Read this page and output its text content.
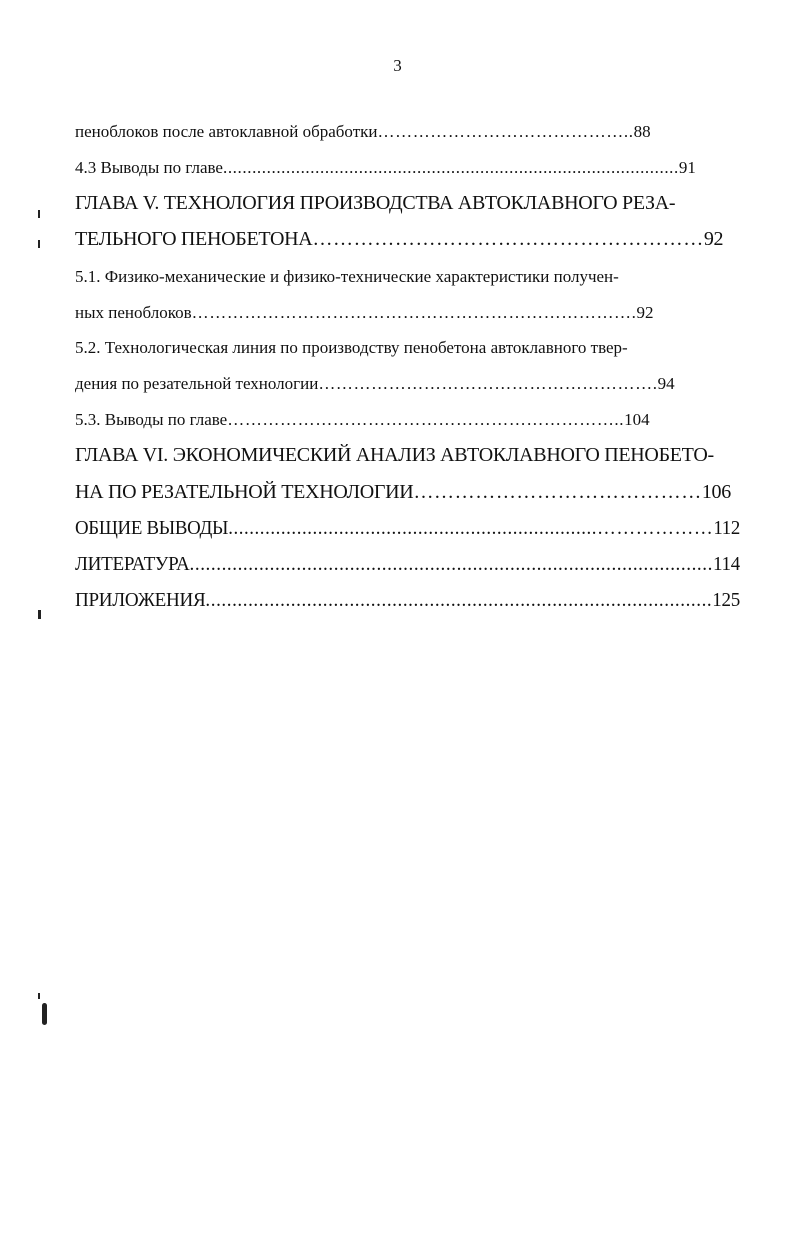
3
пеноблоков после автоклавной обработки……………………………………..88
4.3 Выводы по главе..............................................................................................91
ГЛАВА V. ТЕХНОЛОГИЯ ПРОИЗВОДСТВА АВТОКЛАВНОГО РЕЗА-
ТЕЛЬНОГО ПЕНОБЕТОНА…………………………………………………92
5.1. Физико-механические и физико-технические характеристики получен-
ных пеноблоков………………………………………………………………….92
5.2. Технологическая линия по производству пенобетона автоклавного твер-
дения по резательной технологии………………………………………………….94
5.3. Выводы по главе…………………………………………………………..104
ГЛАВА VI. ЭКОНОМИЧЕСКИЙ АНАЛИЗ АВТОКЛАВНОГО ПЕНОБЕТО-
НА ПО РЕЗАТЕЛЬНОЙ ТЕХНОЛОГИИ……………………………………106
ОБЩИЕ ВЫВОДЫ......................................................................………………112
ЛИТЕРАТУРА..................................................................................................114
ПРИЛОЖЕНИЯ...............................................................................................125
